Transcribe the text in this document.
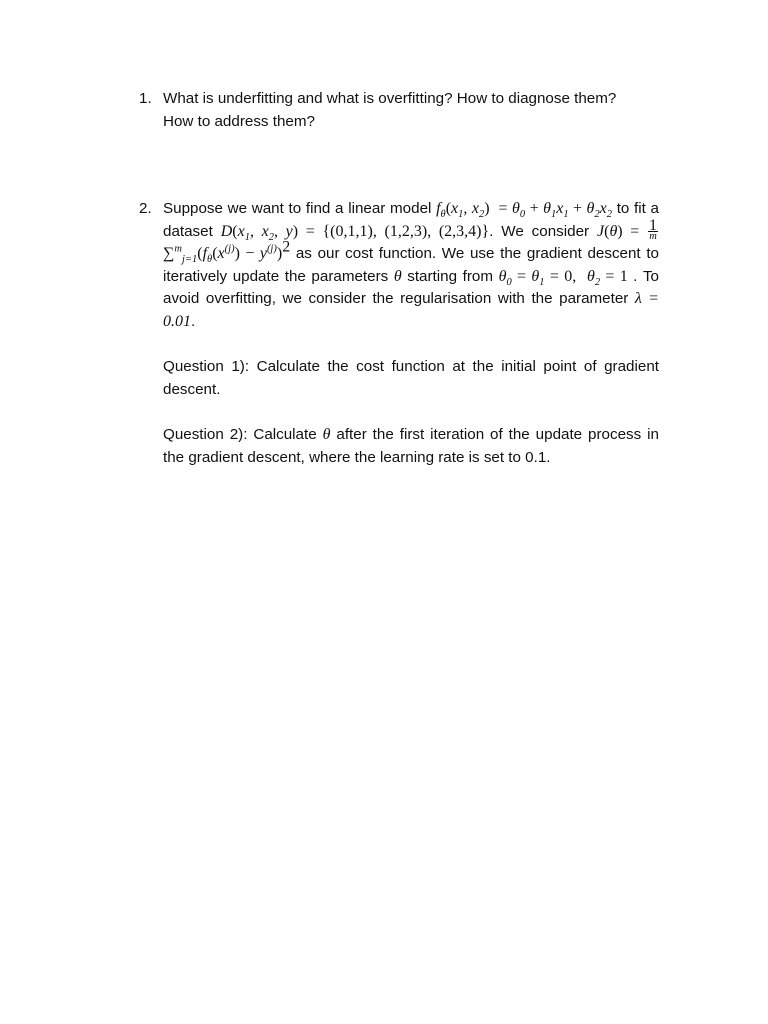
1. What is underfitting and what is overfitting? How to diagnose them?
How to address them?
2. Suppose we want to find a linear model $f_\theta(x_1$, $x_2) = \theta_0 + \theta_1x_1 + \theta_2x_2$ to fit a dataset $D(x_1$, $x_2$, y) = {(0,1,1), (1,2,3), (2,3,4)}. We consider $J(\theta) = \frac{1}{m}$
$\sum^m_{j=1}(f_\theta(x^{(j)}) - y^{(j)})^2$ as our cost function. We use the gradient descent to iteratively update the parameters θ starting from $\theta_0 = \theta_1 = 0$,  $\theta_2 = 1$ . To avoid overfitting, we consider the regularisation with the parameter λ = 0.01.

Question 1): Calculate the cost function at the initial point of gradient descent.

Question 2): Calculate θ after the first iteration of the update process in the gradient descent, where the learning rate is set to 0.1.
